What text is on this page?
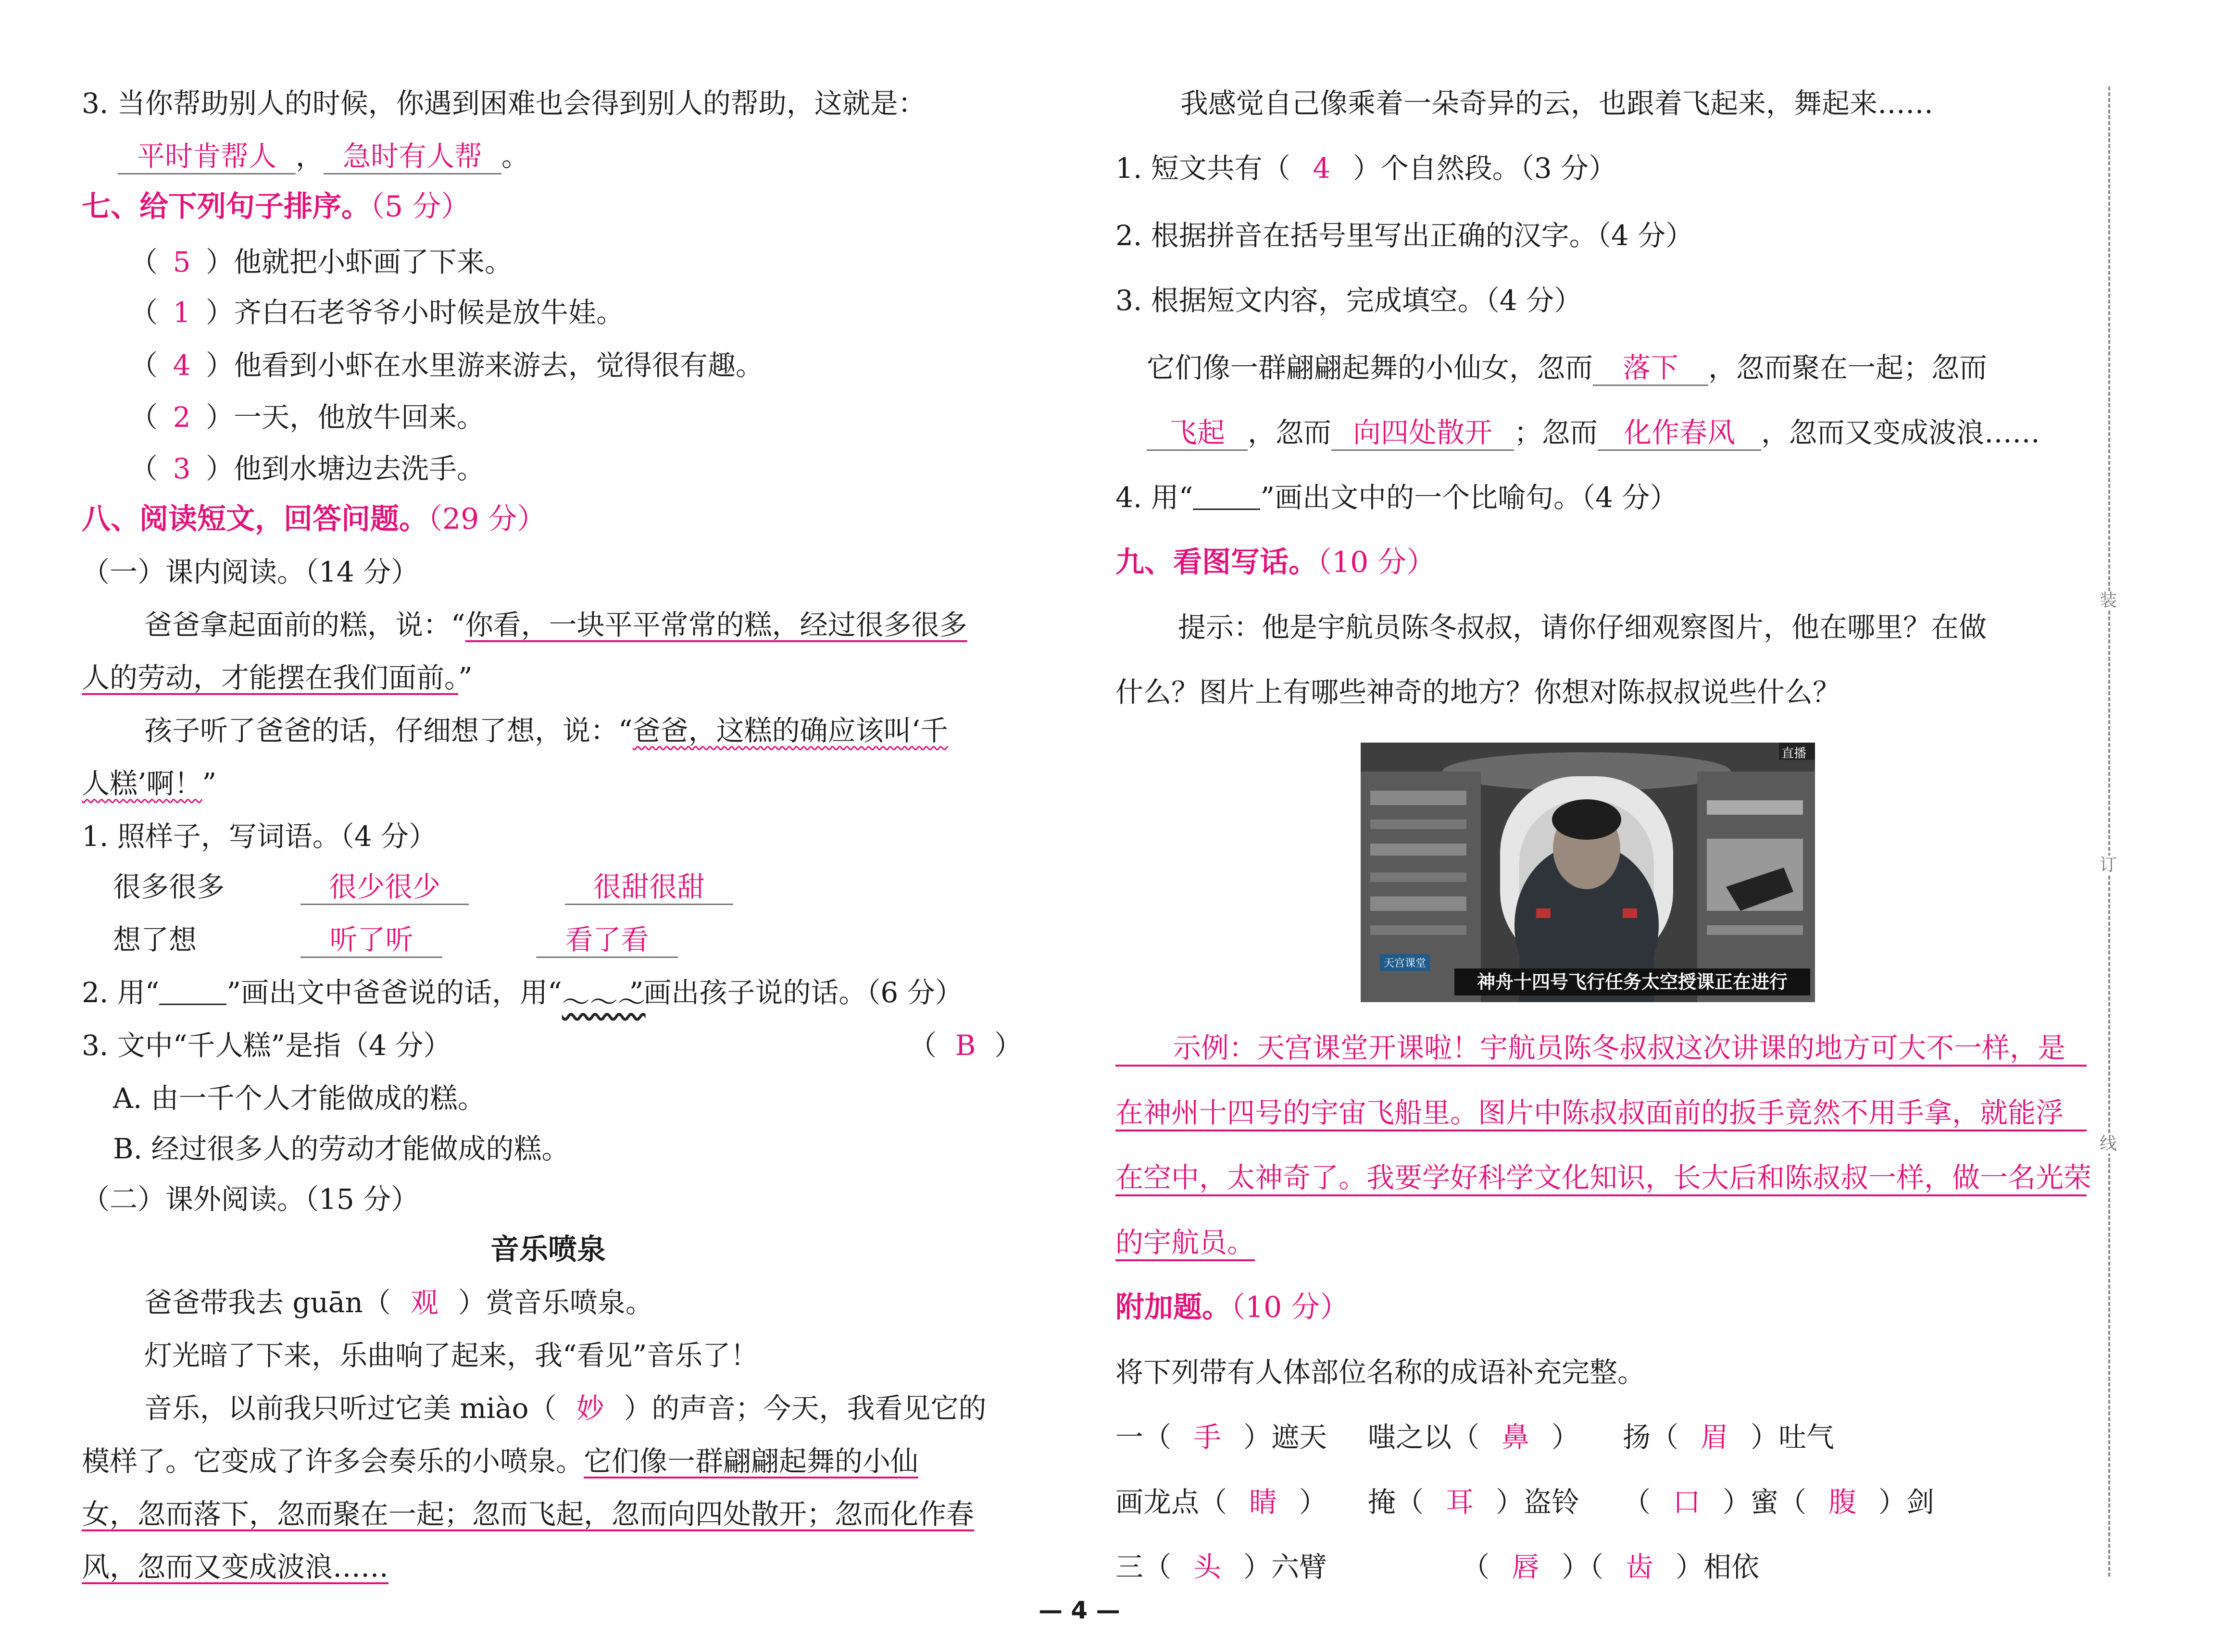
3. 当你帮助别人的时候，你遇到困难也会得到别人的帮助，这就是：
平时肯帮人 ， 急时有人帮 。
七、给下列句子排序。（5 分）
（ 5 ）他就把小虾画了下来。
（ 1 ）齐白石老爷爷小时候是放牛娃。
（ 4 ）他看到小虾在水里游来游去，觉得很有趣。
（ 2 ）一天，他放牛回来。
（ 3 ）他到水塘边去洗手。
八、阅读短文，回答问题。（29 分）
（一）课内阅读。（14 分）
爸爸拿起面前的糕，说：“你看，一块平平常常的糕，经过很多很多
人的劳动，才能摆在我们面前。”
孩子听了爸爸的话，仔细想了想，说：“爸爸，这糕的确应该叫‘千
人糕’啊！”
1. 照样子，写词语。（4 分）
很多很多	很少很少	很甜很甜
想了想	听了听	看了看
2. 用“ ”画出文中爸爸说的话，用“～～～”画出孩子说的话。（6 分）
3. 文中“千人糕”是指（4 分）	（ B ）
A. 由一千个人才能做成的糕。
B. 经过很多人的劳动才能做成的糕。
（二）课外阅读。（15 分）
音乐喷泉
爸爸带我去 guān（ 观 ）赏音乐喷泉。
灯光暗了下来，乐曲响了起来，我“看见”音乐了！
音乐，以前我只听过它美 miào（ 妙 ）的声音；今天，我看见它的
模样了。它变成了许多会奏乐的小喷泉。它们像一群翩翩起舞的小仙
女，忽而落下，忽而聚在一起；忽而飞起，忽而向四处散开；忽而化作春
风，忽而又变成波浪……
我感觉自己像乘着一朵奇异的云，也跟着飞起来，舞起来……
1. 短文共有（ 4 ）个自然段。（3 分）
2. 根据拼音在括号里写出正确的汉字。（4 分）
3. 根据短文内容，完成填空。（4 分）
它们像一群翩翩起舞的小仙女，忽而 落下 ，忽而聚在一起；忽而
飞起 ，忽而 向四处散开 ；忽而 化作春风 ，忽而又变成波浪……
4. 用“ ”画出文中的一个比喻句。（4 分）
九、看图写话。（10 分）
提示：他是宇航员陈冬叔叔，请你仔细观察图片，他在哪里？在做
什么？图片上有哪些神奇的地方？你想对陈叔叔说些什么？
直播
天宫课堂
神舟十四号飞行任务太空授课正在进行
示例：天宫课堂开课啦！宇航员陈冬叔叔这次讲课的地方可大不一样，是
在神州十四号的宇宙飞船里。图片中陈叔叔面前的扳手竟然不用手拿，就能浮
在空中，太神奇了。我要学好科学文化知识，长大后和陈叔叔一样，做一名光荣
的宇航员。
附加题。（10 分）
将下列带有人体部位名称的成语补充完整。
一（ 手 ）遮天 嗤之以（ 鼻 ） 扬（ 眉 ）吐气
画龙点（ 睛 ） 掩（ 耳 ）盗铃 （ 口 ）蜜（ 腹 ）剑
三（ 头 ）六臂	（ 唇 ）（ 齿 ）相依
装
订
线
— 4 —
